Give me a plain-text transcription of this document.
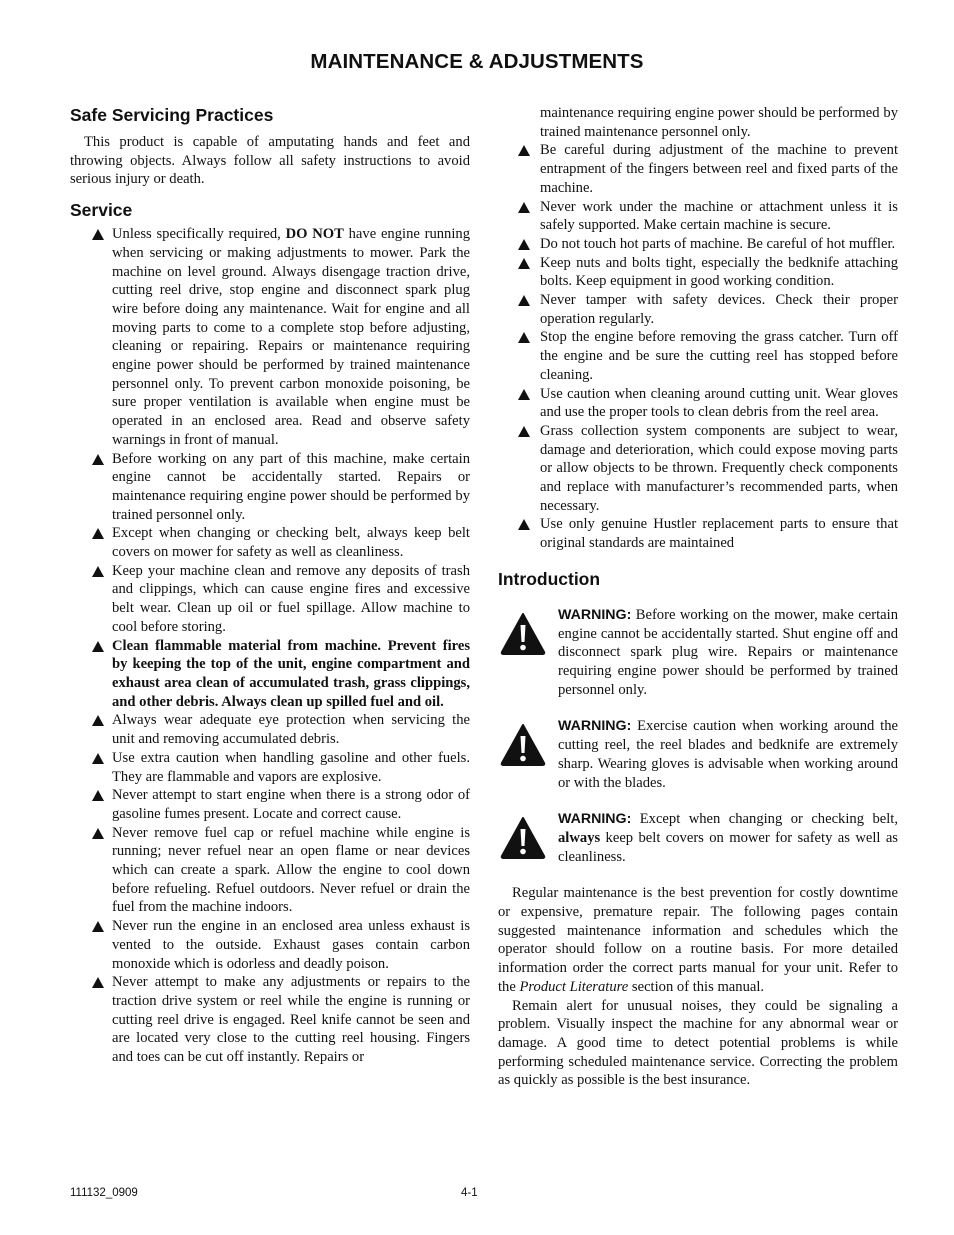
MAINTENANCE & ADJUSTMENTS
Safe Servicing Practices

This product is capable of amputating hands and feet and throwing objects. Always follow all safety instructions to avoid serious injury or death.

Service
Unless specifically required, DO NOT have engine running when servicing or making adjustments to mower. Park the machine on level ground. Always disengage traction drive, cutting reel drive, stop engine and disconnect spark plug wire before doing any maintenance. Wait for engine and all moving parts to come to a complete stop before adjusting, cleaning or repairing. Repairs or maintenance requiring engine power should be performed by trained maintenance personnel only. To prevent carbon monoxide poisoning, be sure proper ventilation is available when engine must be operated in an enclosed area. Read and observe safety warnings in front of manual.
Before working on any part of this machine, make certain engine cannot be accidentally started. Repairs or maintenance requiring engine power should be performed by trained personnel only.
Except when changing or checking belt, always keep belt covers on mower for safety as well as cleanliness.
Keep your machine clean and remove any deposits of trash and clippings, which can cause engine fires and excessive belt wear. Clean up oil or fuel spillage. Allow machine to cool before storing.
Clean flammable material from machine. Prevent fires by keeping the top of the unit, engine compartment and exhaust area clean of accumulated trash, grass clippings, and other debris. Always clean up spilled fuel and oil.
Always wear adequate eye protection when servicing the unit and removing accumulated debris.
Use extra caution when handling gasoline and other fuels. They are flammable and vapors are explosive.
Never attempt to start engine when there is a strong odor of gasoline fumes present. Locate and correct cause.
Never remove fuel cap or refuel machine while engine is running; never refuel near an open flame or near devices which can create a spark. Allow the engine to cool down before refueling. Refuel outdoors. Never refuel or drain the fuel from the machine indoors.
Never run the engine in an enclosed area unless exhaust is vented to the outside. Exhaust gases contain carbon monoxide which is odorless and deadly poison.
Never attempt to make any adjustments or repairs to the traction drive system or reel while the engine is running or cutting reel drive is engaged. Reel knife cannot be seen and are located very close to the cutting reel housing. Fingers and toes can be cut off instantly. Repairs or
maintenance requiring engine power should be performed by trained maintenance personnel only.
Be careful during adjustment of the machine to prevent entrapment of the fingers between reel and fixed parts of the machine.
Never work under the machine or attachment unless it is safely supported. Make certain machine is secure.
Do not touch hot parts of machine. Be careful of hot muffler.
Keep nuts and bolts tight, especially the bedknife attaching bolts. Keep equipment in good working condition.
Never tamper with safety devices. Check their proper operation regularly.
Stop the engine before removing the grass catcher. Turn off the engine and be sure the cutting reel has stopped before cleaning.
Use caution when cleaning around cutting unit. Wear gloves and use the proper tools to clean debris from the reel area.
Grass collection system components are subject to wear, damage and deterioration, which could expose moving parts or allow objects to be thrown. Frequently check components and replace with manufacturer’s recommended parts, when necessary.
Use only genuine Hustler replacement parts to ensure that original standards are maintained
Introduction

WARNING: Before working on the mower, make certain engine cannot be accidentally started. Shut engine off and disconnect spark plug wire. Repairs or maintenance requiring engine power should be performed by trained personnel only.

WARNING: Exercise caution when working around the cutting reel, the reel blades and bedknife are extremely sharp. Wearing gloves is advisable when working around or with the blades.

WARNING: Except when changing or checking belt, always keep belt covers on mower for safety as well as cleanliness.

Regular maintenance is the best prevention for costly downtime or expensive, premature repair. The following pages contain suggested maintenance information and schedules which the operator should follow on a routine basis. For more detailed information order the correct parts manual for your unit. Refer to the Product Literature section of this manual.

Remain alert for unusual noises, they could be signaling a problem. Visually inspect the machine for any abnormal wear or damage. A good time to detect potential problems is while performing scheduled maintenance service. Correcting the problem as quickly as possible is the best insurance.

111132_0909	4-1
